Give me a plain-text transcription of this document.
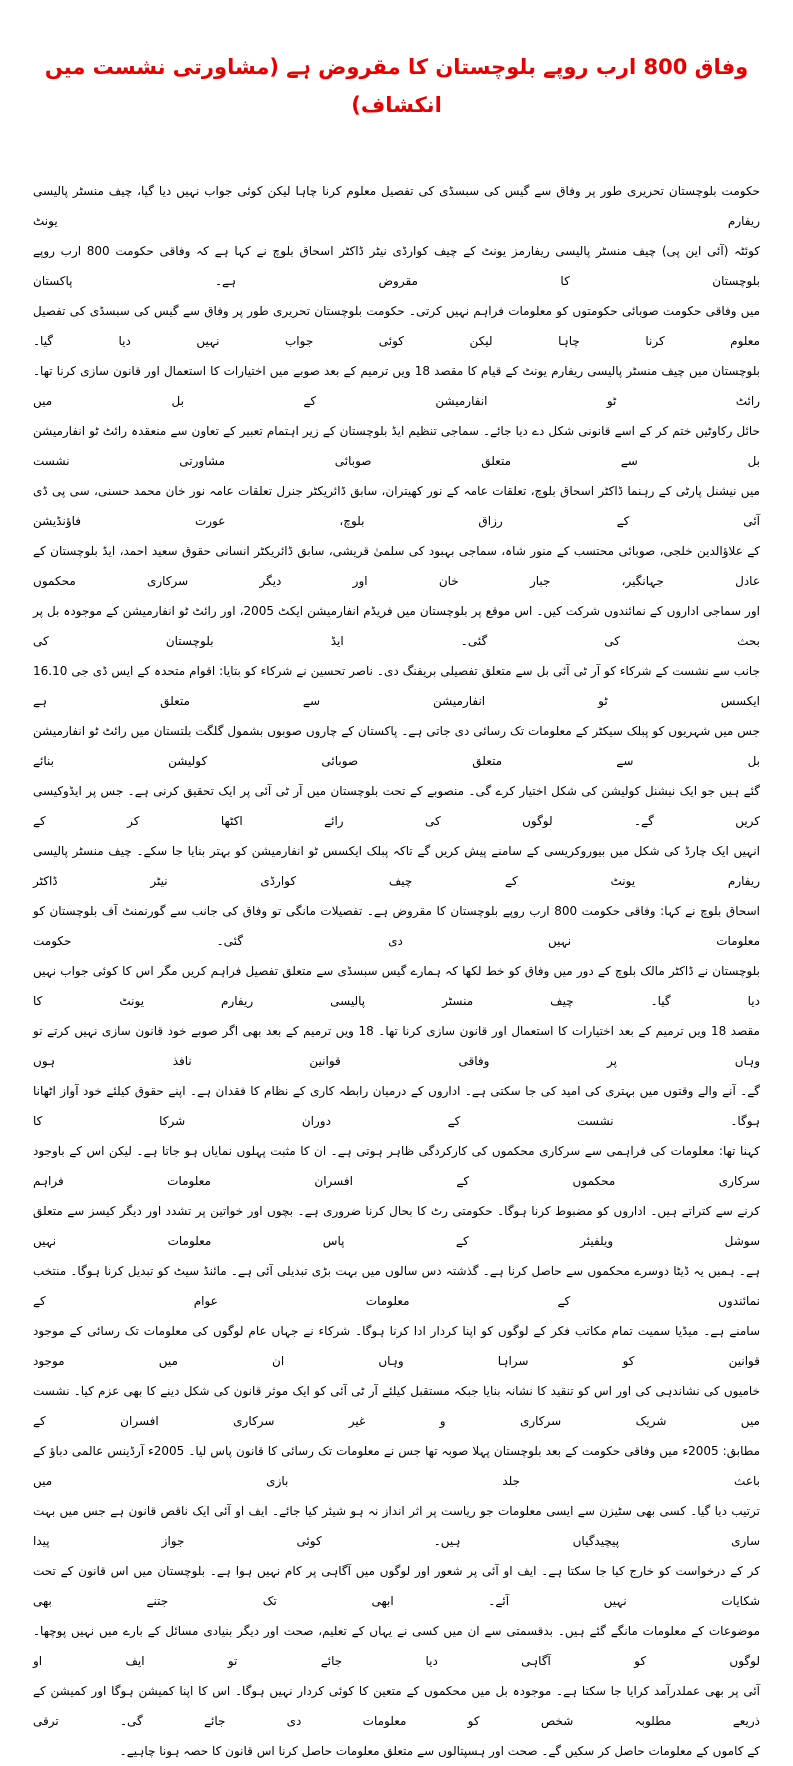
وفاق 800 ارب روپے بلوچستان کا مقروض ہے (مشاورتی نشست میں انکشاف)
حکومت بلوچستان تحریری طور پر وفاق سے گیس کی سبسڈی کی تفصیل معلوم کرنا چاہا لیکن کوئی جواب نہیں دیا گیا، چیف منسٹر پالیسی ریفارم یونٹ
کوئٹہ (آئی این پی) چیف منسٹر پالیسی ریفارمز یونٹ کے چیف کوارڈی نیٹر ڈاکٹر اسحاق بلوچ نے کہا ہے کہ وفاقی حکومت 800 ارب روپے بلوچستان کا مقروض ہے۔ پاکستان
میں وفاقی حکومت صوبائی حکومتوں کو معلومات فراہم نہیں کرتی۔ حکومت بلوچستان تحریری طور پر وفاق سے گیس کی سبسڈی کی تفصیل معلوم کرنا چاہا لیکن کوئی جواب نہیں دیا گیا۔
بلوچستان میں چیف منسٹر پالیسی ریفارم یونٹ کے قیام کا مقصد 18 ویں ترمیم کے بعد صوبے میں اختیارات کا استعمال اور قانون سازی کرنا تھا۔ رائٹ ٹو انفارمیشن کے بل میں
حائل رکاوٹیں ختم کر کے اسے قانونی شکل دے دیا جائے۔ سماجی تنظیم ایڈ بلوچستان کے زیر اہتمام تعبیر کے تعاون سے منعقدہ رائٹ ٹو انفارمیشن بل سے متعلق صوبائی مشاورتی نشست
میں نیشنل پارٹی کے رہنما ڈاکٹر اسحاق بلوچ، تعلقات عامہ کے نور کھیتران، سابق ڈائریکٹر جنرل تعلقات عامہ نور خان محمد حسنی، سی پی ڈی آئی کے رزاق بلوچ، عورت فاؤنڈیشن
کے علاؤالدین خلجی، صوبائی محتسب کے منور شاہ، سماجی بہبود کی سلمیٰ قریشی، سابق ڈائریکٹر انسانی حقوق سعید احمد، ایڈ بلوچستان کے عادل جہانگیر، جبار خان اور دیگر سرکاری محکموں
اور سماجی اداروں کے نمائندوں شرکت کیں۔ اس موقع پر بلوچستان میں فریڈم انفارمیشن ایکٹ 2005، اور رائٹ ٹو انفارمیشن کے موجودہ بل پر بحث کی گئی۔ ایڈ بلوچستان کی
جانب سے نشست کے شرکاء کو آر ٹی آئی بل سے متعلق تفصیلی بریفنگ دی۔ ناصر تحسین نے شرکاء کو بتایا: اقوام متحدہ کے ایس ڈی جی 16.10 ایکسس ٹو انفارمیشن سے متعلق ہے
جس میں شہریوں کو پبلک سیکٹر کے معلومات تک رسائی دی جاتی ہے۔ پاکستان کے چاروں صوبوں بشمول گلگت بلتستان میں رائٹ ٹو انفارمیشن بل سے متعلق صوبائی کولیشن بنائے
گئے ہیں جو ایک نیشنل کولیشن کی شکل اختیار کرے گی۔ منصوبے کے تحت بلوچستان میں آر ٹی آئی پر ایک تحقیق کرنی ہے۔ جس پر ایڈوکیسی کریں گے۔ لوگوں کی رائے اکٹھا کر کے
انہیں ایک چارڈ کی شکل میں بیوروکریسی کے سامنے پیش کریں گے تاکہ پبلک ایکسس ٹو انفارمیشن کو بہتر بنایا جا سکے۔ چیف منسٹر پالیسی ریفارم یونٹ کے چیف کوارڈی نیٹر ڈاکٹر
اسحاق بلوچ نے کہا: وفاقی حکومت 800 ارب روپے بلوچستان کا مقروض ہے۔ تفصیلات مانگی تو وفاق کی جانب سے گورنمنٹ آف بلوچستان کو معلومات نہیں دی گئی۔ حکومت
بلوچستان نے ڈاکٹر مالک بلوچ کے دور میں وفاق کو خط لکھا کہ ہمارے گیس سبسڈی سے متعلق تفصیل فراہم کریں مگر اس کا کوئی جواب نہیں دیا گیا۔ چیف منسٹر پالیسی ریفارم یونٹ کا
مقصد 18 ویں ترمیم کے بعد اختیارات کا استعمال اور قانون سازی کرنا تھا۔ 18 ویں ترمیم کے بعد بھی اگر صوبے خود قانون سازی نہیں کرتے تو وہاں پر وفاقی قوانین نافذ ہوں
گے۔ آنے والے وقتوں میں بہتری کی امید کی جا سکتی ہے۔ اداروں کے درمیان رابطہ کاری کے نظام کا فقدان ہے۔ اپنے حقوق کیلئے خود آواز اٹھانا ہوگا۔ نشست کے دوران شرکا کا
کہنا تھا: معلومات کی فراہمی سے سرکاری محکموں کی کارکردگی ظاہر ہوتی ہے۔ ان کا مثبت پہلوں نمایاں ہو جاتا ہے۔ لیکن اس کے باوجود سرکاری محکموں کے افسران معلومات فراہم
کرنے سے کتراتے ہیں۔ اداروں کو مضبوط کرنا ہوگا۔ حکومتی رٹ کا بحال کرنا ضروری ہے۔ بچوں اور خواتین پر تشدد اور دیگر کیسز سے متعلق سوشل ویلفیئر کے پاس معلومات نہیں
ہے۔ ہمیں یہ ڈیٹا دوسرے محکموں سے حاصل کرنا ہے۔ گذشتہ دس سالوں میں بہت بڑی تبدیلی آئی ہے۔ مائنڈ سیٹ کو تبدیل کرنا ہوگا۔ منتخب نمائندوں کے معلومات عوام کے
سامنے ہے۔ میڈیا سمیت تمام مکاتب فکر کے لوگوں کو اپنا کردار ادا کرنا ہوگا۔ شرکاء نے جہاں عام لوگوں کی معلومات تک رسائی کے موجود قوانین کو سراہا وہاں ان میں موجود
خامیوں کی نشاندہی کی اور اس کو تنقید کا نشانہ بنایا جبکہ مستقبل کیلئے آر ٹی آئی کو ایک موثر قانون کی شکل دینے کا بھی عزم کیا۔ نشست میں شریک سرکاری و غیر سرکاری افسران کے
مطابق: 2005ء میں وفاقی حکومت کے بعد بلوچستان پہلا صوبہ تھا جس نے معلومات تک رسائی کا قانون پاس لیا۔ 2005ء آرڈینس عالمی دباؤ کے باعث جلد بازی میں
ترتیب دیا گیا۔ کسی بھی سٹیزن سے ایسی معلومات جو ریاست پر اثر انداز نہ ہو شیئر کیا جائے۔ ایف او آئی ایک ناقص قانون ہے جس میں بہت ساری پیچیدگیاں ہیں۔ کوئی جواز پیدا
کر کے درخواست کو خارج کیا جا سکتا ہے۔ ایف او آئی پر شعور اور لوگوں میں آگاہی پر کام نہیں ہوا ہے۔ بلوچستان میں اس قانون کے تحت شکایات نہیں آئے۔ ابھی تک جتنے بھی
موضوعات کے معلومات مانگے گئے ہیں۔ بدقسمتی سے ان میں کسی نے یہاں کے تعلیم، صحت اور دیگر بنیادی مسائل کے بارے میں نہیں پوچھا۔ لوگوں کو آگاہی دیا جائے تو ایف او
آئی پر بھی عملدرآمد کرایا جا سکتا ہے۔ موجودہ بل میں محکموں کے متعین کا کوئی کردار نہیں ہوگا۔ اس کا اپنا کمیشن ہوگا اور کمیشن کے ذریعے مطلوبہ شخص کو معلومات دی جائے گی۔ ترقی
کے کاموں کے معلومات حاصل کر سکیں گے۔ صحت اور ہسپتالوں سے متعلق معلومات حاصل کرنا اس قانون کا حصہ ہونا چاہیے۔
